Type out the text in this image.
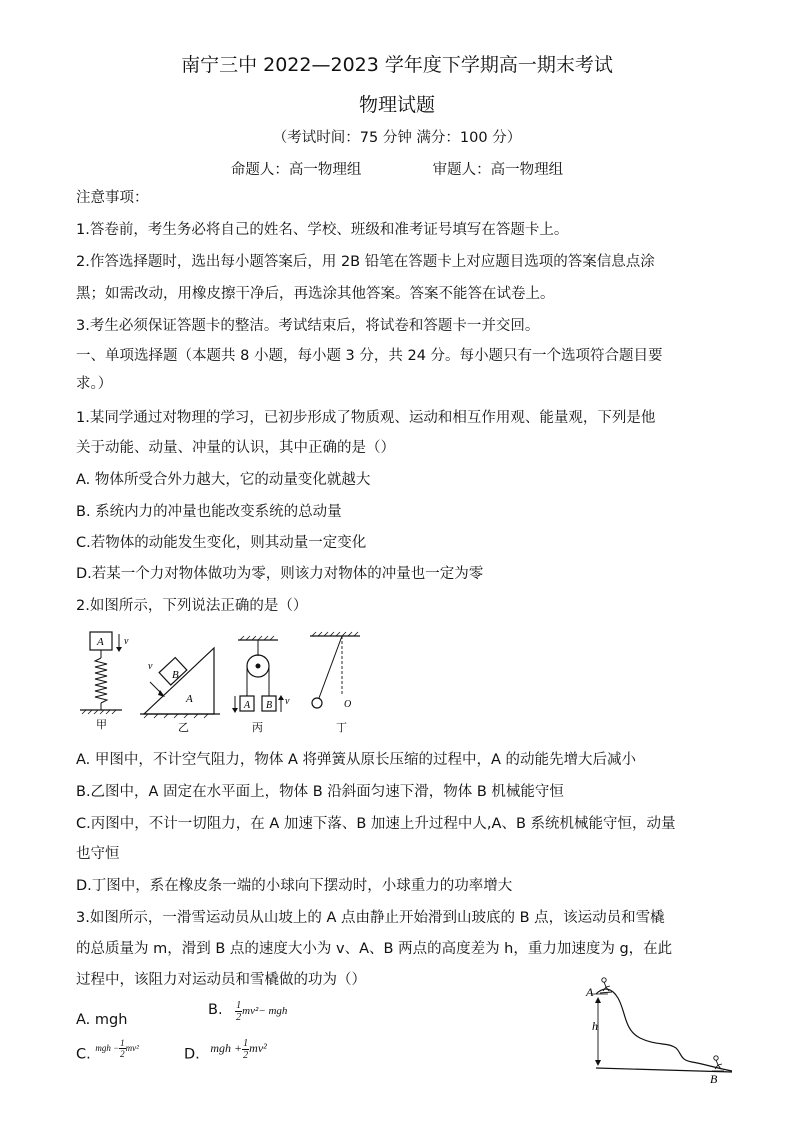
南宁三中 2022—2023 学年度下学期高一期末考试
物理试题
（考试时间：75 分钟 满分：100 分）
命题人：高一物理组	审题人：高一物理组
注意事项：
1.答卷前，考生务必将自己的姓名、学校、班级和准考证号填写在答题卡上。
2.作答选择题时，选出每小题答案后，用 2B 铅笔在答题卡上对应题目选项的答案信息点涂
黑；如需改动，用橡皮擦干净后，再选涂其他答案。答案不能答在试卷上。
3.考生必须保证答题卡的整洁。考试结束后，将试卷和答题卡一并交回。
一、单项选择题（本题共 8 小题，每小题 3 分，共 24 分。每小题只有一个选项符合题目要
求。）
1.某同学通过对物理的学习，已初步形成了物质观、运动和相互作用观、能量观，下列是他
关于动能、动量、冲量的认识，其中正确的是（）
A. 物体所受合外力越大，它的动量变化就越大
B. 系统内力的冲量也能改变系统的总动量
C.若物体的动能发生变化，则其动量一定变化
D.若某一个力对物体做功为零，则该力对物体的冲量也一定为零
2.如图所示，下列说法正确的是（）
A v
甲
B
A
v
乙
A B v
丙
O
丁
A. 甲图中，不计空气阻力，物体 A 将弹簧从原长压缩的过程中，A 的动能先增大后减小
B.乙图中，A 固定在水平面上，物体 B 沿斜面匀速下滑，物体 B 机械能守恒
C.丙图中，不计一切阻力，在 A 加速下落、B 加速上升过程中人,A、B 系统机械能守恒，动量
也守恒
D.丁图中，系在橡皮条一端的小球向下摆动时，小球重力的功率增大
3.如图所示，一滑雪运动员从山坡上的 A 点由静止开始滑到山玻底的 B 点，该运动员和雪橇
的总质量为 m，滑到 B 点的速度大小为 v、A、B 两点的高度差为 h，重力加速度为 g，在此
过程中，该阻力对运动员和雪橇做的功为（）
A. mgh
B. $\frac{1}{2} mv^2-$ mgh
C. $^{mgh - \frac{1}{2} mv^2}$	D. $^{mgh + \frac{1}{2} mv^2}$
h
A
B
